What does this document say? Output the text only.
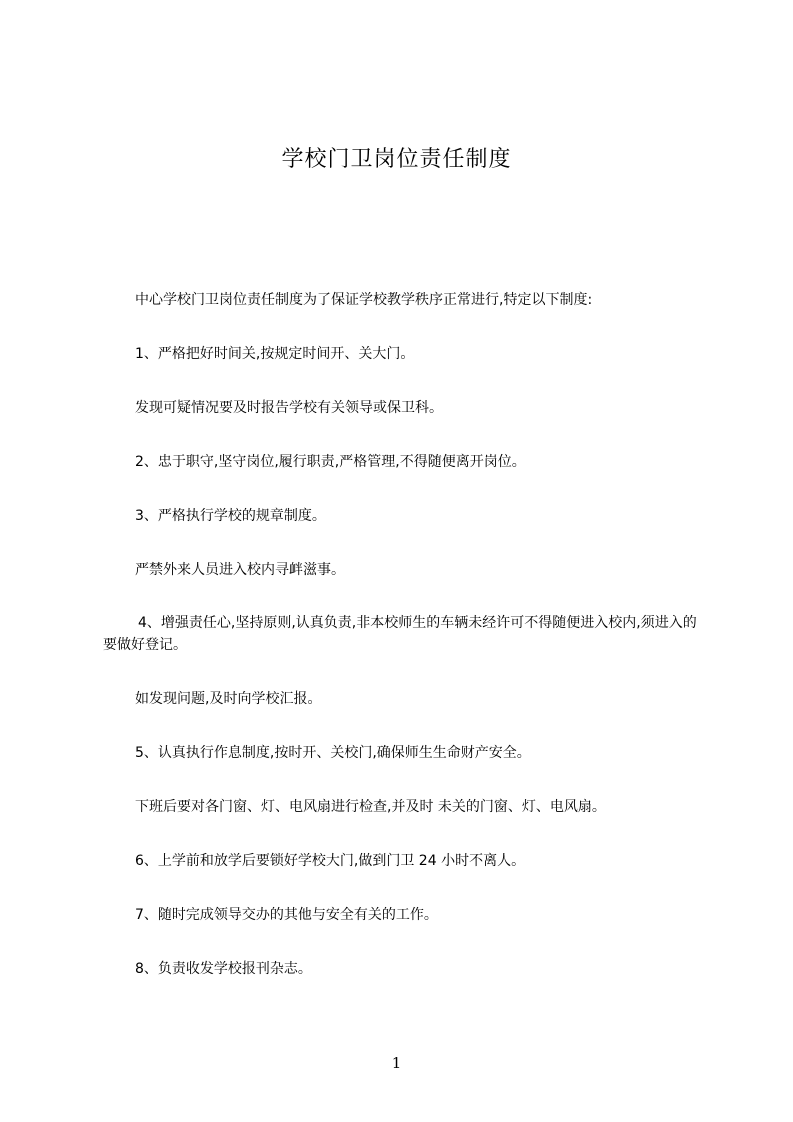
学校门卫岗位责任制度
中心学校门卫岗位责任制度为了保证学校教学秩序正常进行,特定以下制度:
1、严格把好时间关,按规定时间开、关大门。
发现可疑情况要及时报告学校有关领导或保卫科。
2、忠于职守,坚守岗位,履行职责,严格管理,不得随便离开岗位。
3、严格执行学校的规章制度。
严禁外来人员进入校内寻衅滋事。
4、增强责任心,坚持原则,认真负责,非本校师生的车辆未经许可不得随便进入校内,须进入的要做好登记。
如发现问题,及时向学校汇报。
5、认真执行作息制度,按时开、关校门,确保师生生命财产安全。
下班后要对各门窗、灯、电风扇进行检查,并及时 未关的门窗、灯、电风扇。
6、上学前和放学后要锁好学校大门,做到门卫 24 小时不离人。
7、随时完成领导交办的其他与安全有关的工作。
8、负责收发学校报刊杂志。
1
